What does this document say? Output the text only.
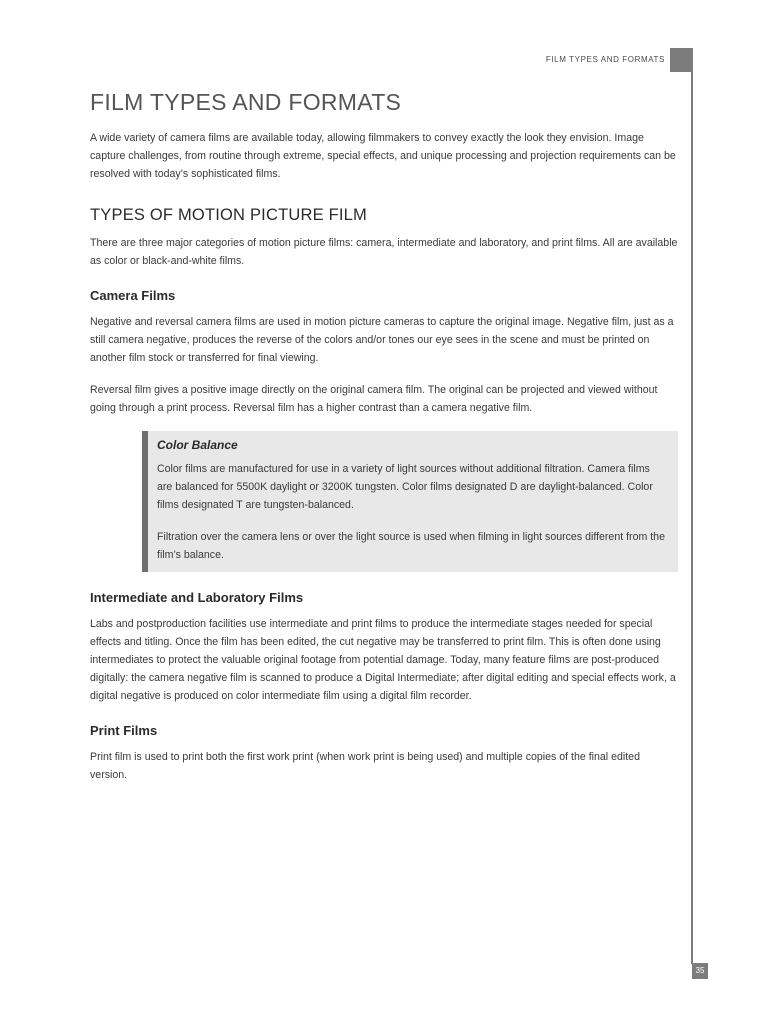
FILM TYPES AND FORMATS
FILM TYPES AND FORMATS

A wide variety of camera films are available today, allowing filmmakers to convey exactly the look they envision. Image capture challenges, from routine through extreme, special effects, and unique processing and projection requirements can be resolved with today’s sophisticated films.

TYPES OF MOTION PICTURE FILM

There are three major categories of motion picture films: camera, intermediate and laboratory, and print films. All are available as color or black-and-white films.

Camera Films

Negative and reversal camera films are used in motion picture cameras to capture the original image. Negative film, just as a still camera negative, produces the reverse of the colors and/or tones our eye sees in the scene and must be printed on another film stock or transferred for final viewing.

Reversal film gives a positive image directly on the original camera film. The original can be projected and viewed without going through a print process. Reversal film has a higher contrast than a camera negative film.

Color Balance

Color films are manufactured for use in a variety of light sources without additional filtration. Camera films are balanced for 5500K daylight or 3200K tungsten. Color films designated D are daylight-balanced. Color films designated T are tungsten-balanced.

Filtration over the camera lens or over the light source is used when filming in light sources different from the film’s balance.

Intermediate and Laboratory Films

Labs and postproduction facilities use intermediate and print films to produce the intermediate stages needed for special effects and titling. Once the film has been edited, the cut negative may be transferred to print film. This is often done using intermediates to protect the valuable original footage from potential damage. Today, many feature films are post-produced digitally: the camera negative film is scanned to produce a Digital Intermediate; after digital editing and special effects work, a digital negative is produced on color intermediate film using a digital film recorder.

Print Films

Print film is used to print both the first work print (when work print is being used) and multiple copies of the final edited version.

35
